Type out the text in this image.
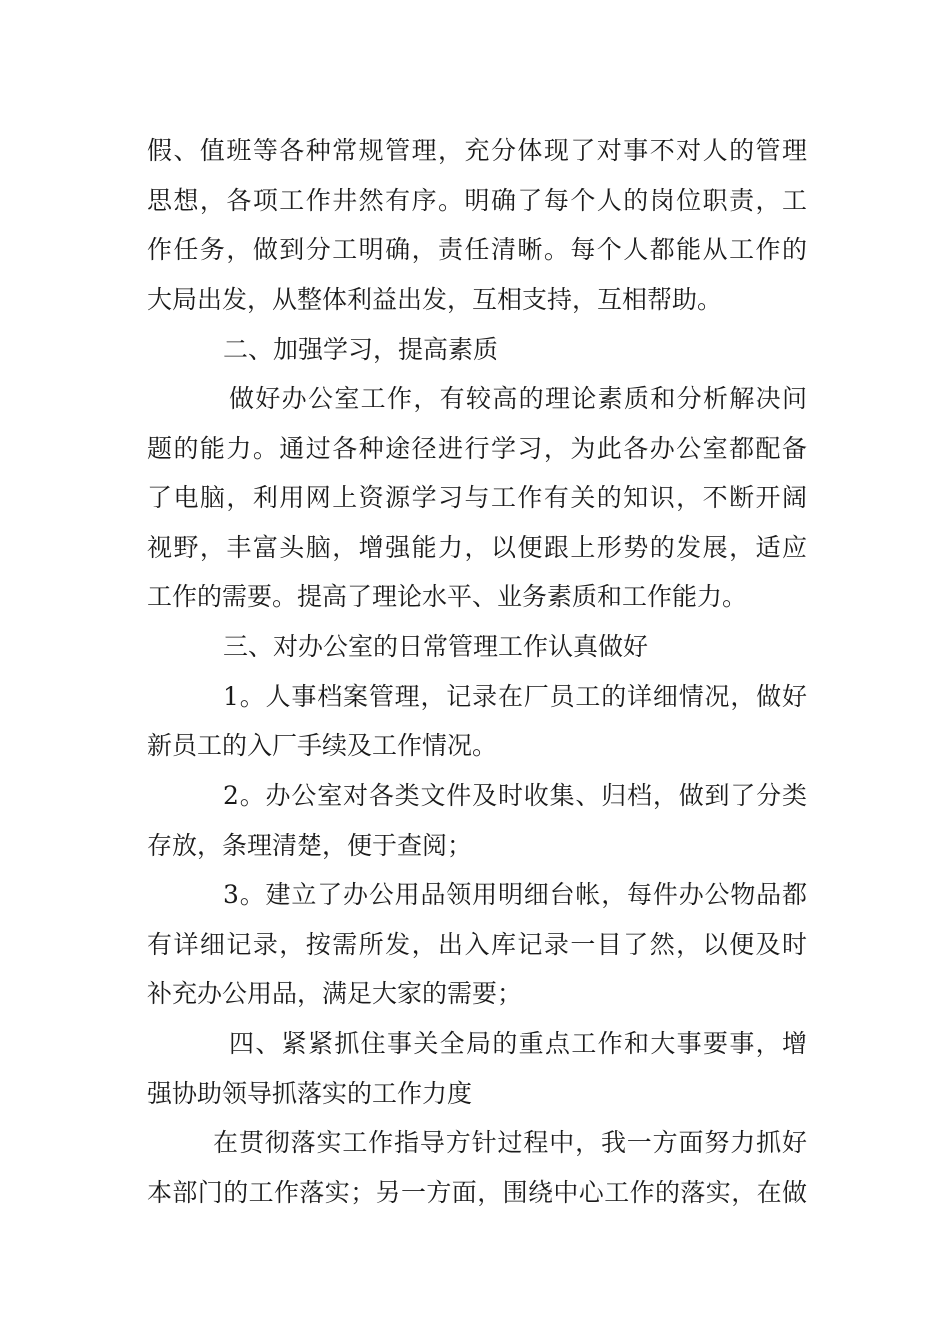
假、值班等各种常规管理，充分体现了对事不对人的管理
思想，各项工作井然有序。明确了每个人的岗位职责，工
作任务，做到分工明确，责任清晰。每个人都能从工作的
大局出发，从整体利益出发，互相支持，互相帮助。
二、加强学习，提高素质
做好办公室工作，有较高的理论素质和分析解决问
题的能力。通过各种途径进行学习，为此各办公室都配备
了电脑，利用网上资源学习与工作有关的知识，不断开阔
视野，丰富头脑，增强能力，以便跟上形势的发展，适应
工作的需要。提高了理论水平、业务素质和工作能力。
三、对办公室的日常管理工作认真做好
1。人事档案管理，记录在厂员工的详细情况，做好
新员工的入厂手续及工作情况。
2。办公室对各类文件及时收集、归档，做到了分类
存放，条理清楚，便于查阅；
3。建立了办公用品领用明细台帐，每件办公物品都
有详细记录，按需所发，出入库记录一目了然，以便及时
补充办公用品，满足大家的需要；
四、紧紧抓住事关全局的重点工作和大事要事，增
强协助领导抓落实的工作力度
在贯彻落实工作指导方针过程中，我一方面努力抓好
本部门的工作落实；另一方面，围绕中心工作的落实，在做
